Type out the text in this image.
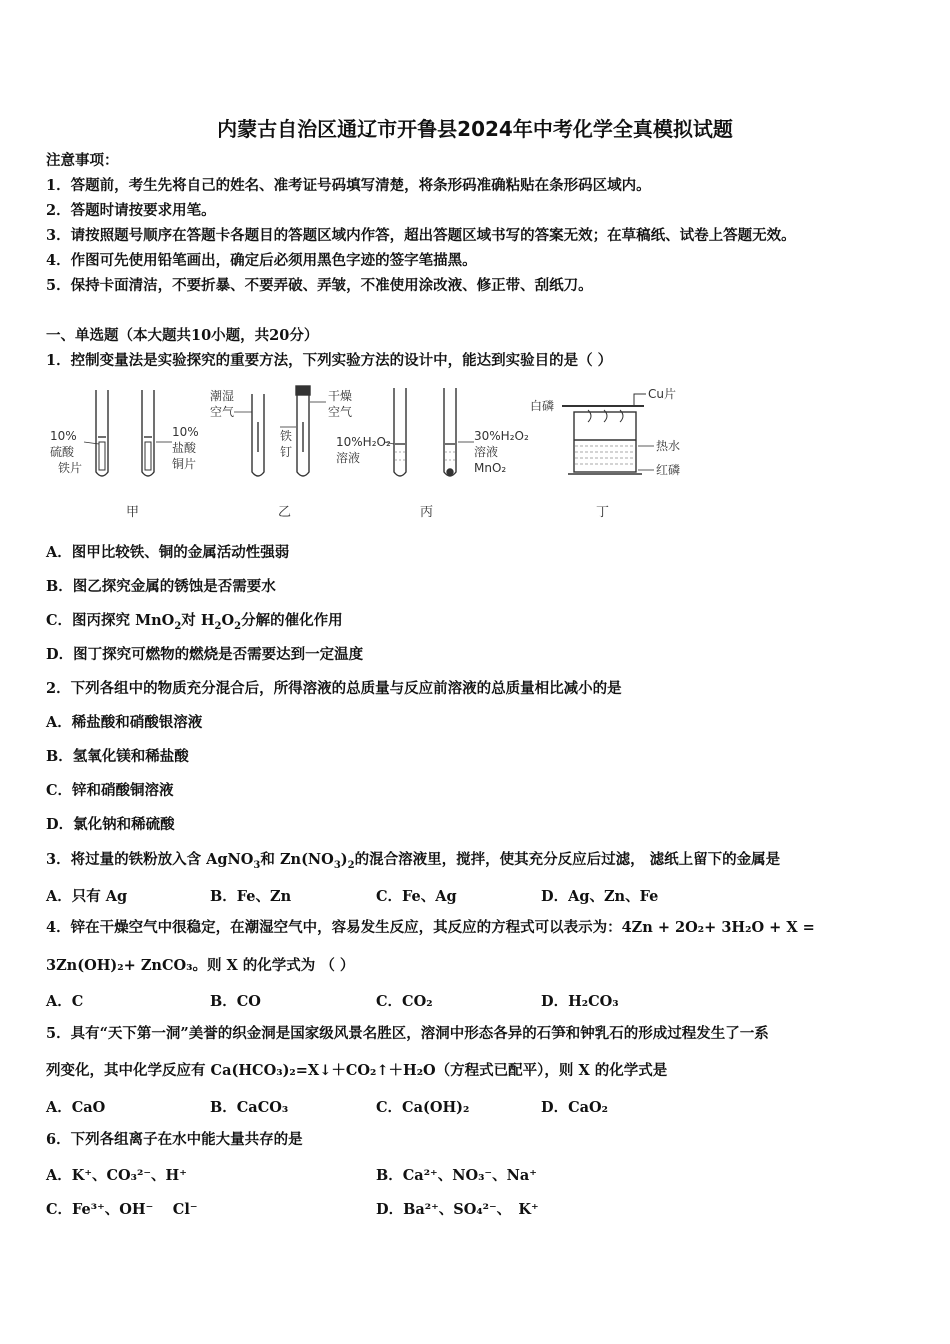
内蒙古自治区通辽市开鲁县2024年中考化学全真模拟试题
注意事项：
1．答题前，考生先将自己的姓名、准考证号码填写清楚，将条形码准确粘贴在条形码区域内。
2．答题时请按要求用笔。
3．请按照题号顺序在答题卡各题目的答题区域内作答，超出答题区域书写的答案无效；在草稿纸、试卷上答题无效。
4．作图可先使用铅笔画出，确定后必须用黑色字迹的签字笔描黑。
5．保持卡面清洁，不要折暴、不要弄破、弄皱，不准使用涂改液、修正带、刮纸刀。
一、单选题（本大题共10小题，共20分）
1．控制变量法是实验探究的重要方法，下列实验方法的设计中，能达到实验目的是（ ）
10%
硫酸
铁片
10%
盐酸
铜片
潮湿
空气
铁
钉
干燥
空气
10%H₂O₂
溶液
30%H₂O₂
溶液
MnO₂
白磷
Cu片
热水
红磷
甲	乙	丙	丁
A．图甲比较铁、铜的金属活动性强弱
B．图乙探究金属的锈蚀是否需要水
C．图丙探究 MnO$_2$对 $H_2O_2$分解的催化作用
D．图丁探究可燃物的燃烧是否需要达到一定温度
2．下列各组中的物质充分混合后，所得溶液的总质量与反应前溶液的总质量相比减小的是
A．稀盐酸和硝酸银溶液
B．氢氧化镁和稀盐酸
C．锌和硝酸铜溶液
D．氯化钠和稀硫酸
3．将过量的铁粉放入含 AgNO$_3$和 $Zn(NO_3)_2$的混合溶液里，搅拌，使其充分反应后过滤， 滤纸上留下的金属是
A．只有 Ag	B．Fe、Zn	C．Fe、Ag	D．Ag、Zn、Fe
4．锌在干燥空气中很稳定，在潮湿空气中，容易发生反应，其反应的方程式可以表示为：4Zn + 2O₂+ 3H₂O + X =
3Zn(OH)₂+ ZnCO₃。则 X 的化学式为 （ ）
A．C	B．CO	C．CO₂	D．H₂CO₃
5．具有“天下第一洞”美誉的织金洞是国家级风景名胜区，溶洞中形态各异的石笋和钟乳石的形成过程发生了一系
列变化，其中化学反应有 Ca(HCO₃)₂=X↓＋CO₂↑＋H₂O（方程式已配平），则 X 的化学式是
A．CaO	B．CaCO₃	C．Ca(OH)₂	D．CaO₂
6．下列各组离子在水中能大量共存的是
A．K⁺、CO₃²⁻、H⁺	B．Ca²⁺、NO₃⁻、Na⁺
C．Fe³⁺、OH⁻　 Cl⁻	D．Ba²⁺、SO₄²⁻、　K⁺
